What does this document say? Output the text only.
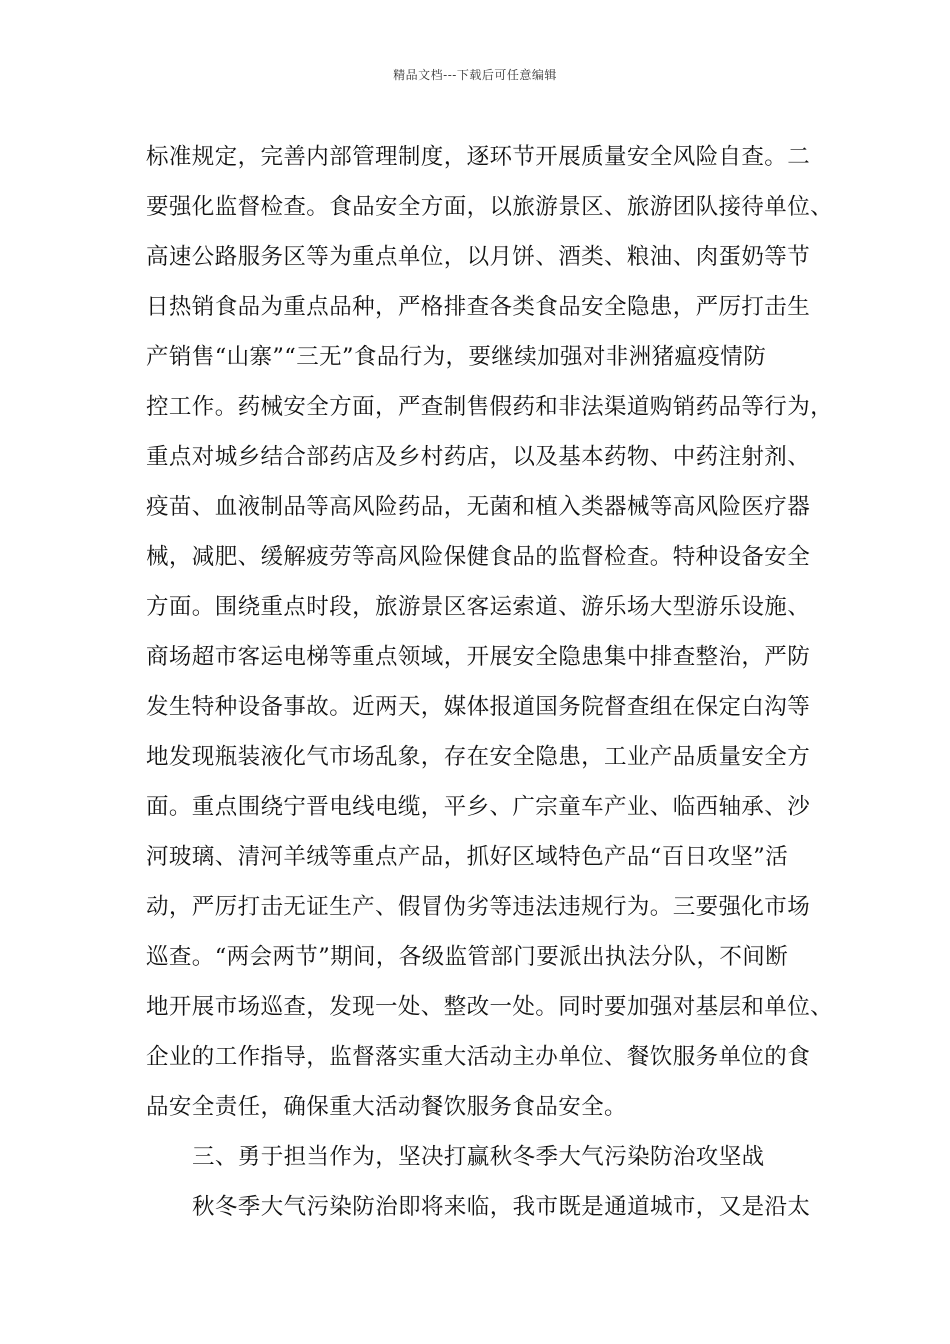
精品文档---下载后可任意编辑
标准规定，完善内部管理制度，逐环节开展质量安全风险自查。二
要强化监督检查。食品安全方面，以旅游景区、旅游团队接待单位、
高速公路服务区等为重点单位，以月饼、酒类、粮油、肉蛋奶等节
日热销食品为重点品种，严格排查各类食品安全隐患，严厉打击生
产销售“山寨”“三无”食品行为，要继续加强对非洲猪瘟疫情防
控工作。药械安全方面，严查制售假药和非法渠道购销药品等行为，
重点对城乡结合部药店及乡村药店，以及基本药物、中药注射剂、
疫苗、血液制品等高风险药品，无菌和植入类器械等高风险医疗器
械，减肥、缓解疲劳等高风险保健食品的监督检查。特种设备安全
方面。围绕重点时段，旅游景区客运索道、游乐场大型游乐设施、
商场超市客运电梯等重点领域，开展安全隐患集中排查整治，严防
发生特种设备事故。近两天，媒体报道国务院督查组在保定白沟等
地发现瓶装液化气市场乱象，存在安全隐患，工业产品质量安全方
面。重点围绕宁晋电线电缆，平乡、广宗童车产业、临西轴承、沙
河玻璃、清河羊绒等重点产品，抓好区域特色产品“百日攻坚”活
动，严厉打击无证生产、假冒伪劣等违法违规行为。三要强化市场
巡查。“两会两节”期间，各级监管部门要派出执法分队，不间断
地开展市场巡查，发现一处、整改一处。同时要加强对基层和单位、
企业的工作指导，监督落实重大活动主办单位、餐饮服务单位的食
品安全责任，确保重大活动餐饮服务食品安全。
三、勇于担当作为，坚决打赢秋冬季大气污染防治攻坚战
秋冬季大气污染防治即将来临，我市既是通道城市，又是沿太
